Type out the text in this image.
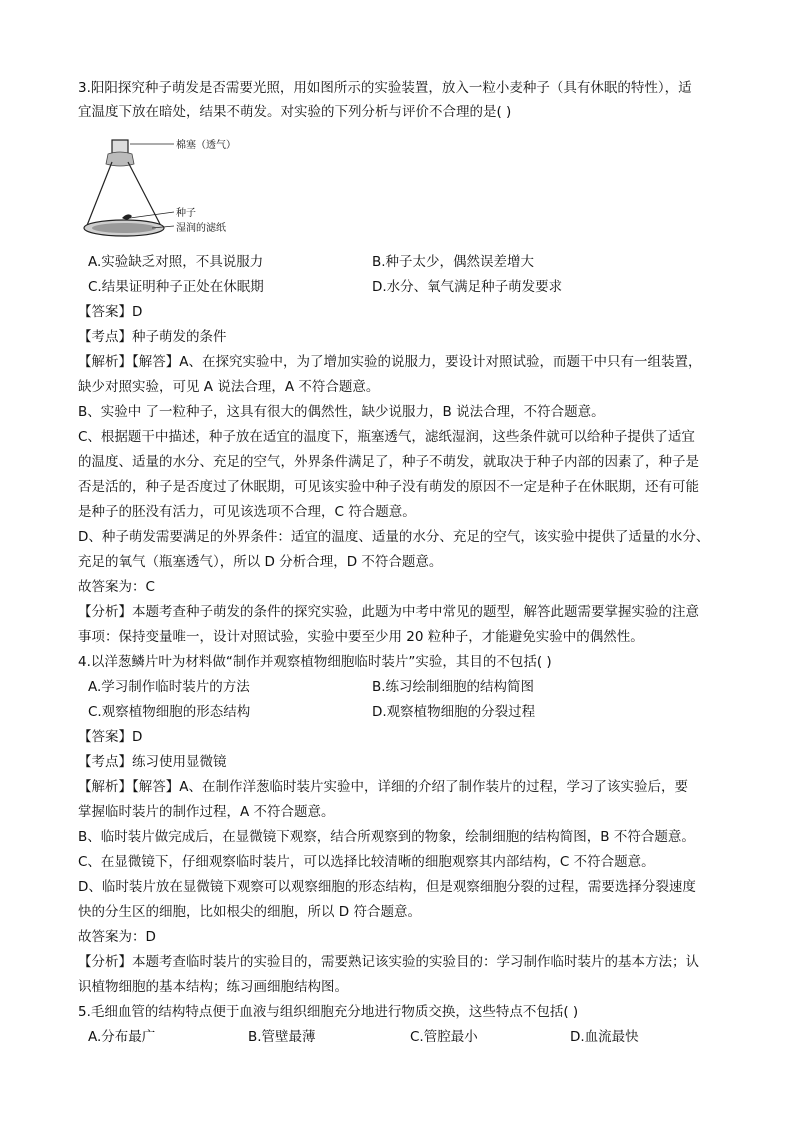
3.阳阳探究种子萌发是否需要光照，用如图所示的实验装置，放入一粒小麦种子（具有休眠的特性），适
宜温度下放在暗处，结果不萌发。对实验的下列分析与评价不合理的是( )
棉塞（透气）
种子
湿润的滤纸
A.实验缺乏对照，不具说服力	B.种子太少，偶然误差增大
C.结果证明种子正处在休眠期	D.水分、氧气满足种子萌发要求
【答案】D
【考点】种子萌发的条件
【解析】【解答】A、在探究实验中，为了增加实验的说服力，要设计对照试验，而题干中只有一组装置，
缺少对照实验，可见 A 说法合理，A 不符合题意。
B、实验中 了一粒种子，这具有很大的偶然性，缺少说服力，B 说法合理，不符合题意。
C、根据题干中描述，种子放在适宜的温度下，瓶塞透气，滤纸湿润，这些条件就可以给种子提供了适宜
的温度、适量的水分、充足的空气，外界条件满足了，种子不萌发，就取决于种子内部的因素了，种子是
否是活的，种子是否度过了休眠期，可见该实验中种子没有萌发的原因不一定是种子在休眠期，还有可能
是种子的胚没有活力，可见该选项不合理，C 符合题意。
D、种子萌发需要满足的外界条件：适宜的温度、适量的水分、充足的空气，该实验中提供了适量的水分、
充足的氧气（瓶塞透气），所以 D 分析合理，D 不符合题意。
故答案为：C
【分析】本题考查种子萌发的条件的探究实验，此题为中考中常见的题型，解答此题需要掌握实验的注意
事项：保持变量唯一，设计对照试验，实验中要至少用 20 粒种子，才能避免实验中的偶然性。
4.以洋葱鳞片叶为材料做“制作并观察植物细胞临时装片”实验，其目的不包括( )
A.学习制作临时装片的方法	B.练习绘制细胞的结构简图
C.观察植物细胞的形态结构	D.观察植物细胞的分裂过程
【答案】D
【考点】练习使用显微镜
【解析】【解答】A、在制作洋葱临时装片实验中，详细的介绍了制作装片的过程，学习了该实验后，要
掌握临时装片的制作过程，A 不符合题意。
B、临时装片做完成后，在显微镜下观察，结合所观察到的物象，绘制细胞的结构简图，B 不符合题意。
C、在显微镜下，仔细观察临时装片，可以选择比较清晰的细胞观察其内部结构，C 不符合题意。
D、临时装片放在显微镜下观察可以观察细胞的形态结构，但是观察细胞分裂的过程，需要选择分裂速度
快的分生区的细胞，比如根尖的细胞，所以 D 符合题意。
故答案为：D
【分析】本题考查临时装片的实验目的，需要熟记该实验的实验目的：学习制作临时装片的基本方法；认
识植物细胞的基本结构；练习画细胞结构图。
5.毛细血管的结构特点便于血液与组织细胞充分地进行物质交换，这些特点不包括( )
A.分布最广	B.管壁最薄	C.管腔最小	D.血流最快
